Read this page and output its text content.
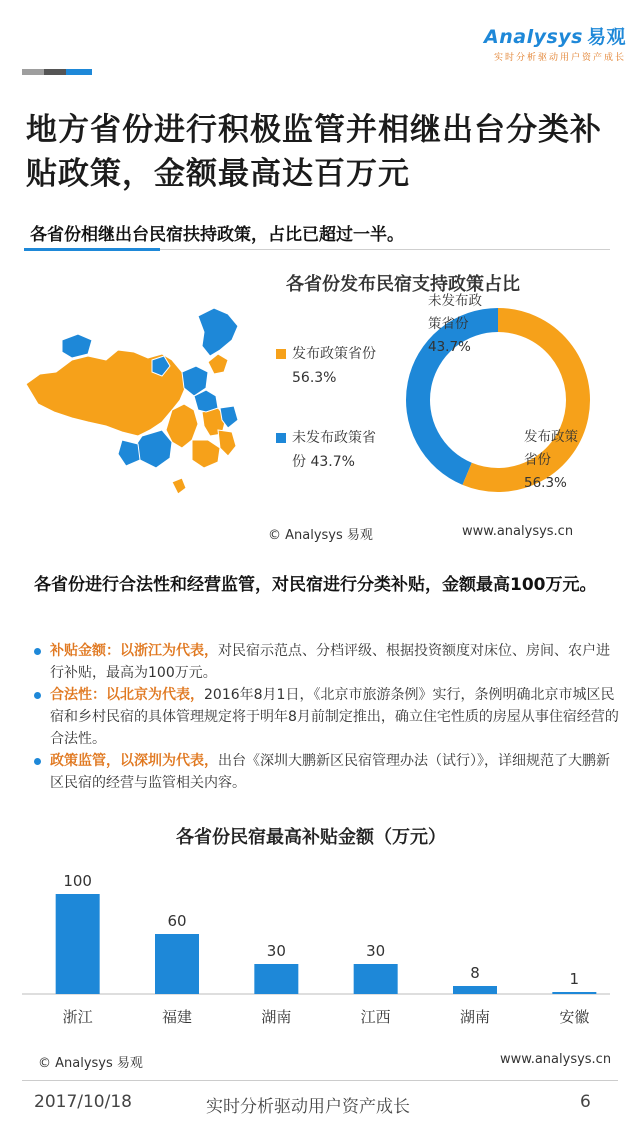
Analysys 易观
实时分析驱动用户资产成长
地方省份进行积极监管并相继出台分类补贴政策，金额最高达百万元
各省份相继出台民宿扶持政策，占比已超过一半。
各省份发布民宿支持政策占比
发布政策省份 56.3%
未发布政策省份 43.7%
未发布政策省份43.7%
发布政策省份56.3%
© Analysys 易观	www.analysys.cn
各省份进行合法性和经营监管，对民宿进行分类补贴，金额最高100万元。
补贴金额：以浙江为代表，对民宿示范点、分档评级、根据投资额度对床位、房间、农户进行补贴，最高为100万元。
合法性：以北京为代表，2016年8月1日，《北京市旅游条例》实行，条例明确北京市城区民宿和乡村民宿的具体管理规定将于明年8月前制定推出，确立住宅性质的房屋从事住宿经营的合法性。
政策监管，以深圳为代表，出台《深圳大鹏新区民宿管理办法（试行）》，详细规范了大鹏新区民宿的经营与监管相关内容。
各省份民宿最高补贴金额（万元）
100
浙江
60
福建
30
湖南
30
江西
8
湖南
1
安徽
© Analysys 易观	www.analysys.cn
2017/10/18	实时分析驱动用户资产成长	6
